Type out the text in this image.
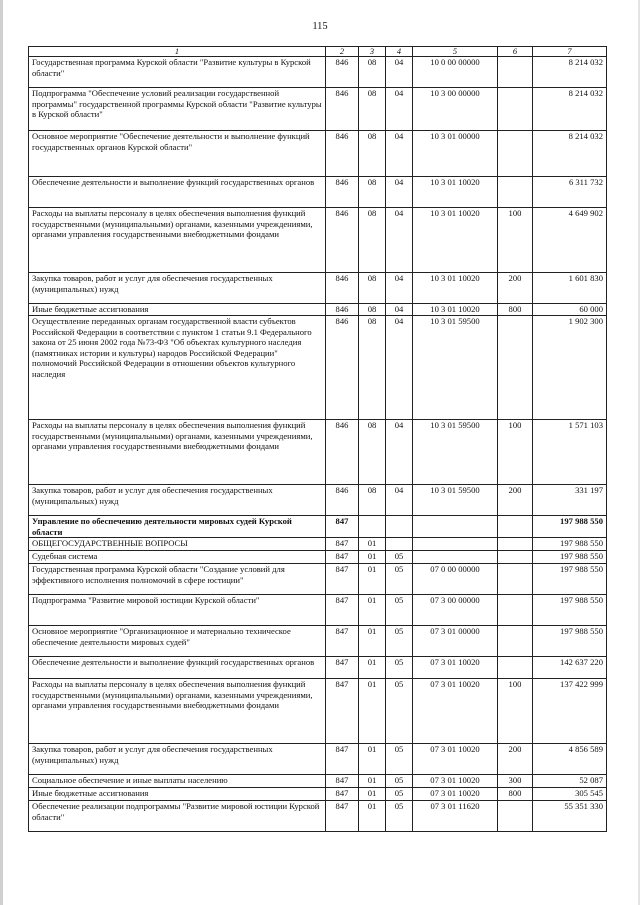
115
1	2	3	4	5	6	7
Государственная программа Курской области "Развитие культуры в Курской области"	846	08	04	10 0 00 00000		8 214 032
Подпрограмма "Обеспечение условий реализации государственной программы" государственной программы Курской области "Развитие культуры в Курской области"	846	08	04	10 3 00 00000		8 214 032
Основное мероприятие "Обеспечение деятельности и выполнение функций государственных органов Курской области"	846	08	04	10 3 01 00000		8 214 032
Обеспечение деятельности и выполнение функций государственных органов	846	08	04	10 3 01 10020		6 311 732
Расходы на выплаты персоналу в целях обеспечения выполнения функций государственными (муниципальными) органами, казенными учреждениями, органами управления государственными внебюджетными фондами	846	08	04	10 3 01 10020	100	4 649 902
Закупка товаров, работ и услуг для обеспечения государственных (муниципальных) нужд	846	08	04	10 3 01 10020	200	1 601 830
Иные бюджетные ассигнования	846	08	04	10 3 01 10020	800	60 000
Осуществление переданных органам государственной власти субъектов Российской Федерации в соответствии с пунктом 1 статьи 9.1 Федерального закона от 25 июня 2002 года №73-ФЗ "Об объектах культурного наследия (памятниках истории и культуры) народов Российской Федерации" полномочий Российской Федерации в отношении объектов культурного наследия	846	08	04	10 3 01 59500		1 902 300
Расходы на выплаты персоналу в целях обеспечения выполнения функций государственными (муниципальными) органами, казенными учреждениями, органами управления государственными внебюджетными фондами	846	08	04	10 3 01 59500	100	1 571 103
Закупка товаров, работ и услуг для обеспечения государственных (муниципальных) нужд	846	08	04	10 3 01 59500	200	331 197
Управление по обеспечению деятельности мировых судей Курской области	847					197 988 550
ОБЩЕГОСУДАРСТВЕННЫЕ ВОПРОСЫ	847	01				197 988 550
Судебная система	847	01	05			197 988 550
Государственная программа Курской области "Создание условий для эффективного исполнения полномочий в сфере юстиции"	847	01	05	07 0 00 00000		197 988 550
Подпрограмма "Развитие мировой юстиции Курской области"	847	01	05	07 3 00 00000		197 988 550
Основное мероприятие "Организационное и материально техническое обеспечение деятельности мировых судей"	847	01	05	07 3 01 00000		197 988 550
Обеспечение деятельности и выполнение функций государственных органов	847	01	05	07 3 01 10020		142 637 220
Расходы на выплаты персоналу в целях обеспечения выполнения функций государственными (муниципальными) органами, казенными учреждениями, органами управления государственными внебюджетными фондами	847	01	05	07 3 01 10020	100	137 422 999
Закупка товаров, работ и услуг для обеспечения государственных (муниципальных) нужд	847	01	05	07 3 01 10020	200	4 856 589
Социальное обеспечение и иные выплаты населению	847	01	05	07 3 01 10020	300	52 087
Иные бюджетные ассигнования	847	01	05	07 3 01 10020	800	305 545
Обеспечение реализации подпрограммы "Развитие мировой юстиции Курской области"	847	01	05	07 3 01 11620		55 351 330
